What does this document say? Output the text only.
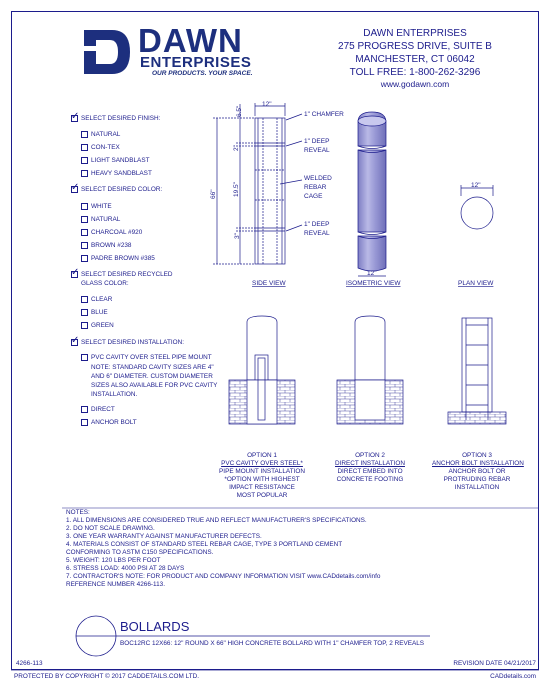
DAWN
ENTERPRISES
OUR PRODUCTS. YOUR SPACE.
DAWN ENTERPRISES
275 PROGRESS DRIVE, SUITE B
MANCHESTER, CT 06042
TOLL FREE: 1-800-262-3296
www.godawn.com
✓ SELECT DESIRED FINISH:
NATURAL
CON-TEX
LIGHT SANDBLAST
HEAVY SANDBLAST
✓ SELECT DESIRED COLOR:
WHITE
NATURAL
CHARCOAL #920
BROWN #238
PADRE BROWN #385
✓ SELECT DESIRED RECYCLED
GLASS COLOR:
CLEAR
BLUE
GREEN
✓ SELECT DESIRED INSTALLATION:
PVC CAVITY OVER STEEL PIPE MOUNT
NOTE: STANDARD CAVITY SIZES ARE 4"
AND 6" DIAMETER. CUSTOM DIAMETER
SIZES ALSO AVAILABLE FOR PVC CAVITY
INSTALLATION.
DIRECT
ANCHOR BOLT
12"
6.5"
66"
2"
19.5"
3"
1" CHAMFER
1" DEEP
REVEAL
WELDED
REBAR
CAGE
1" DEEP
REVEAL
SIDE VIEW
12"
ISOMETRIC VIEW
12"
PLAN VIEW
OPTION 1
PVC CAVITY OVER STEEL*
PIPE MOUNT INSTALLATION
*OPTION WITH HIGHEST
IMPACT RESISTANCE
MOST POPULAR
OPTION 2
DIRECT INSTALLATION
DIRECT EMBED INTO
CONCRETE FOOTING
OPTION 3
ANCHOR BOLT INSTALLATION
ANCHOR BOLT OR
PROTRUDING REBAR
INSTALLATION
NOTES:
1. ALL DIMENSIONS ARE CONSIDERED TRUE AND REFLECT MANUFACTURER'S SPECIFICATIONS.
2. DO NOT SCALE DRAWING.
3. ONE YEAR WARRANTY AGAINST MANUFACTURER DEFECTS.
4. MATERIALS CONSIST OF STANDARD STEEL REBAR CAGE, TYPE 3 PORTLAND CEMENT
CONFORMING TO ASTM C150 SPECIFICATIONS.
5. WEIGHT: 120 LBS PER FOOT
6. STRESS LOAD: 4000 PSI AT 28 DAYS
7. CONTRACTOR'S NOTE: FOR PRODUCT AND COMPANY INFORMATION VISIT www.CADdetails.com/info
REFERENCE NUMBER 4266-113.
BOLLARDS
BOC12RC 12X66: 12" ROUND X 66" HIGH CONCRETE BOLLARD WITH 1" CHAMFER TOP, 2 REVEALS
4266-113	REVISION DATE 04/21/2017
PROTECTED BY COPYRIGHT © 2017 CADDETAILS.COM LTD.	CADdetails.com
